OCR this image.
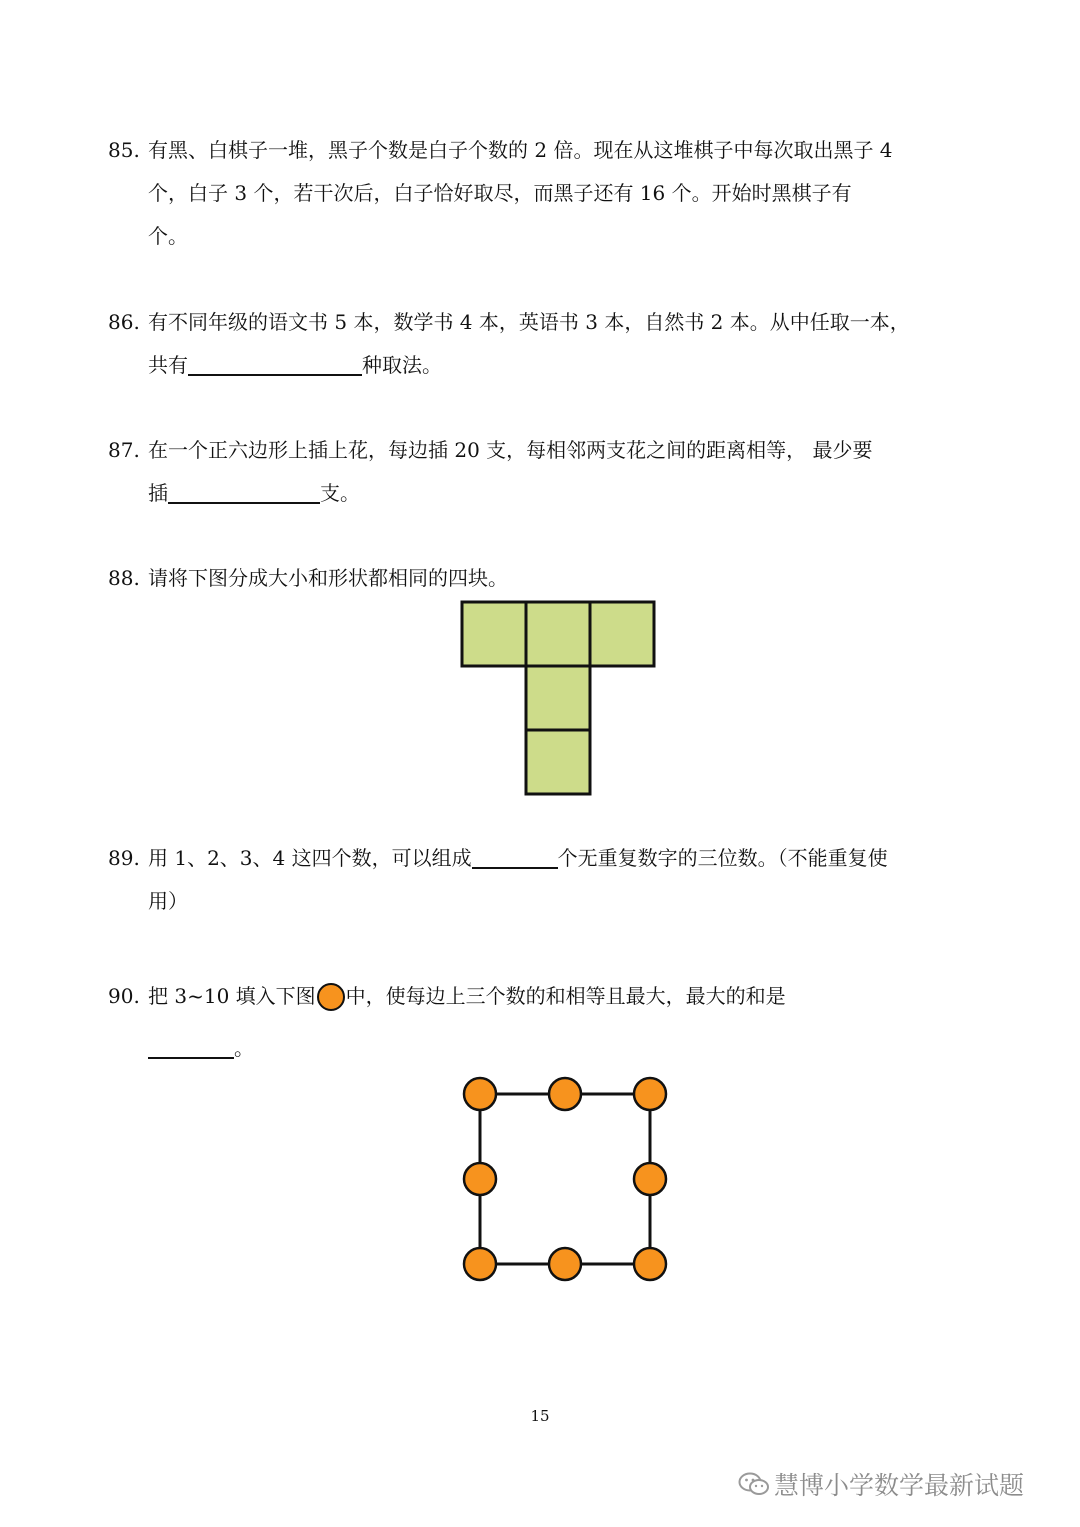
85. 有黑、白棋子一堆，黑子个数是白子个数的 2 倍。现在从这堆棋子中每次取出黑子 4
个，白子 3 个，若干次后，白子恰好取尽，而黑子还有 16 个。开始时黑棋子有
个。
86. 有不同年级的语文书 5 本，数学书 4 本，英语书 3 本，自然书 2 本。从中任取一本，
共有	种取法。
87. 在一个正六边形上插上花，每边插 20 支，每相邻两支花之间的距离相等， 最少要
插	支。
88. 请将下图分成大小和形状都相同的四块。
89. 用 1、2、3、4 这四个数，可以组成	个无重复数字的三位数。（不能重复使
用）
90. 把 3~10 填入下图 中，使每边上三个数的和相等且最大，最大的和是
。
15
慧博小学数学最新试题
